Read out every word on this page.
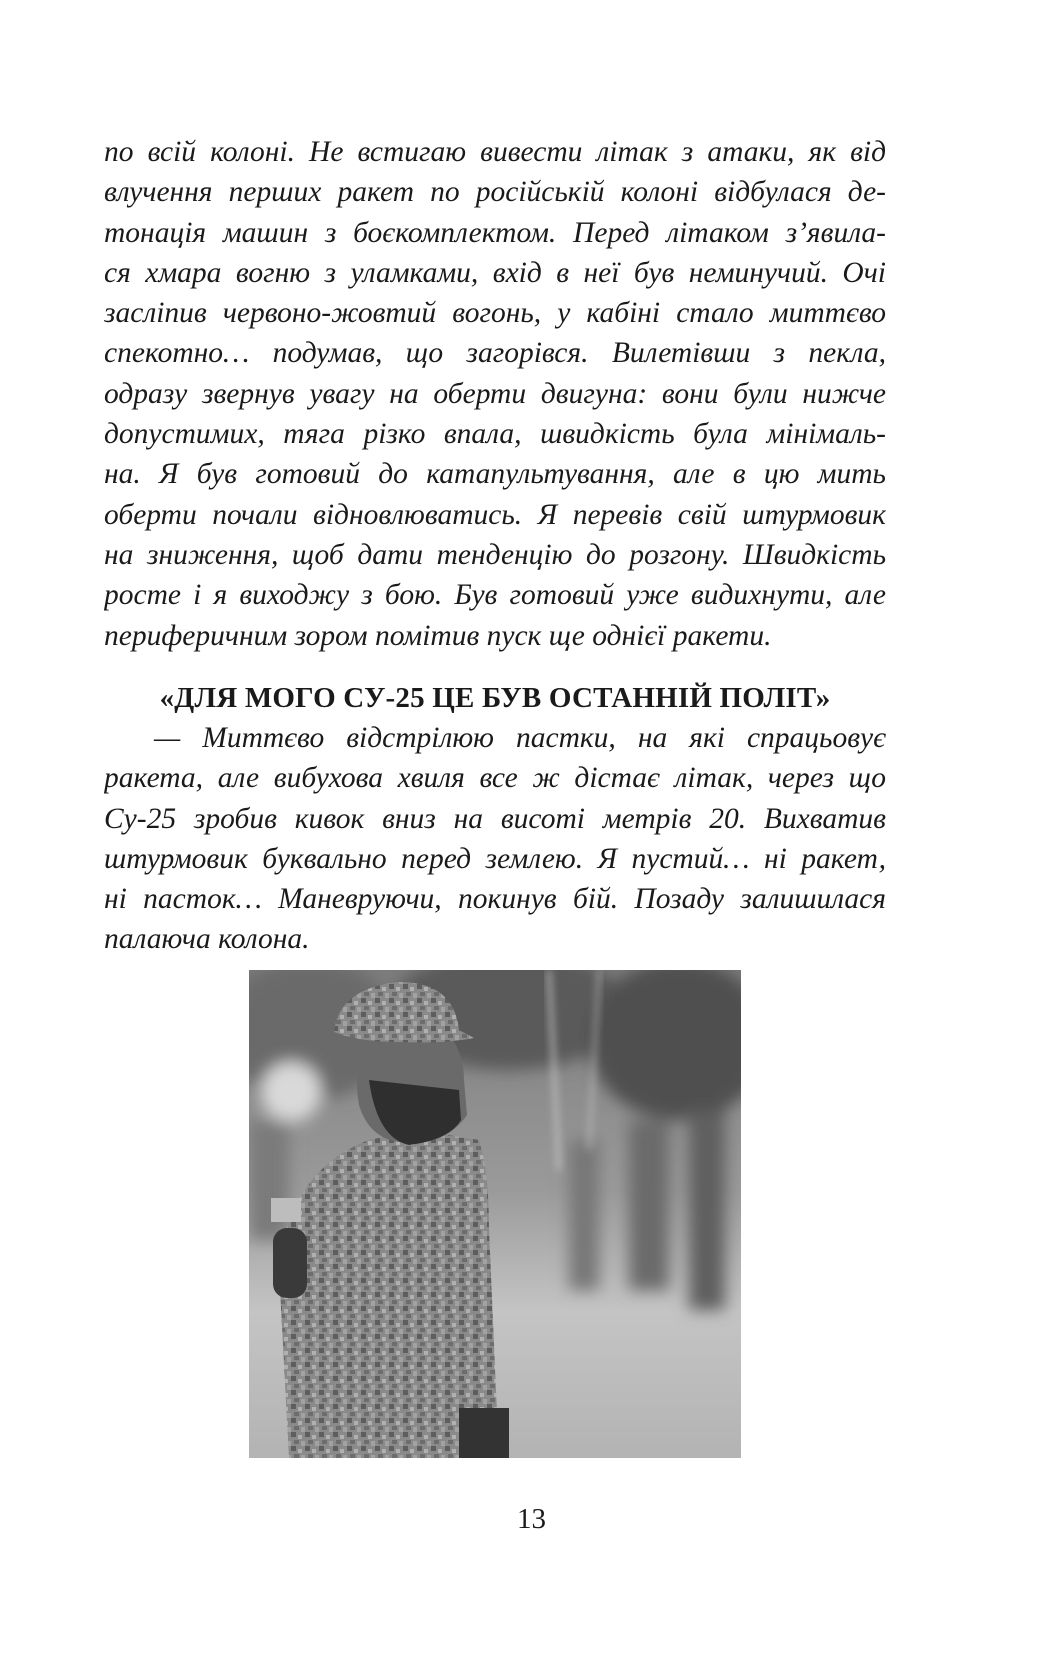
по всій колоні. Не встигаю вивести літак з атаки, як від
влучення перших ракет по російській колоні відбулася де-
тонація машин з боєкомплектом. Перед літаком з’явила-
ся хмара вогню з уламками, вхід в неї був неминучий. Очі
засліпив червоно-жовтий вогонь, у кабіні стало миттєво
спекотно… подумав, що загорівся. Вилетівши з пекла,
одразу звернув увагу на оберти двигуна: вони були нижче
допустимих, тяга різко впала, швидкість була мінімаль-
на. Я був готовий до катапультування, але в цю мить
оберти почали відновлюватись. Я перевів свій штурмовик
на зниження, щоб дати тенденцію до розгону. Швидкість
росте і я виходжу з бою. Був готовий уже видихнути, але
периферичним зором помітив пуск ще однієї ракети.
«ДЛЯ МОГО СУ-25 ЦЕ БУВ ОСТАННІЙ ПОЛІТ»
— Миттєво відстрілюю пастки, на які спрацьовує
ракета, але вибухова хвиля все ж дістає літак, через що
Су-25 зробив кивок вниз на висоті метрів 20. Вихватив
штурмовик буквально перед землею. Я пустий… ні ракет,
ні пасток… Маневруючи, покинув бій. Позаду залишилася
палаюча колона.
13
